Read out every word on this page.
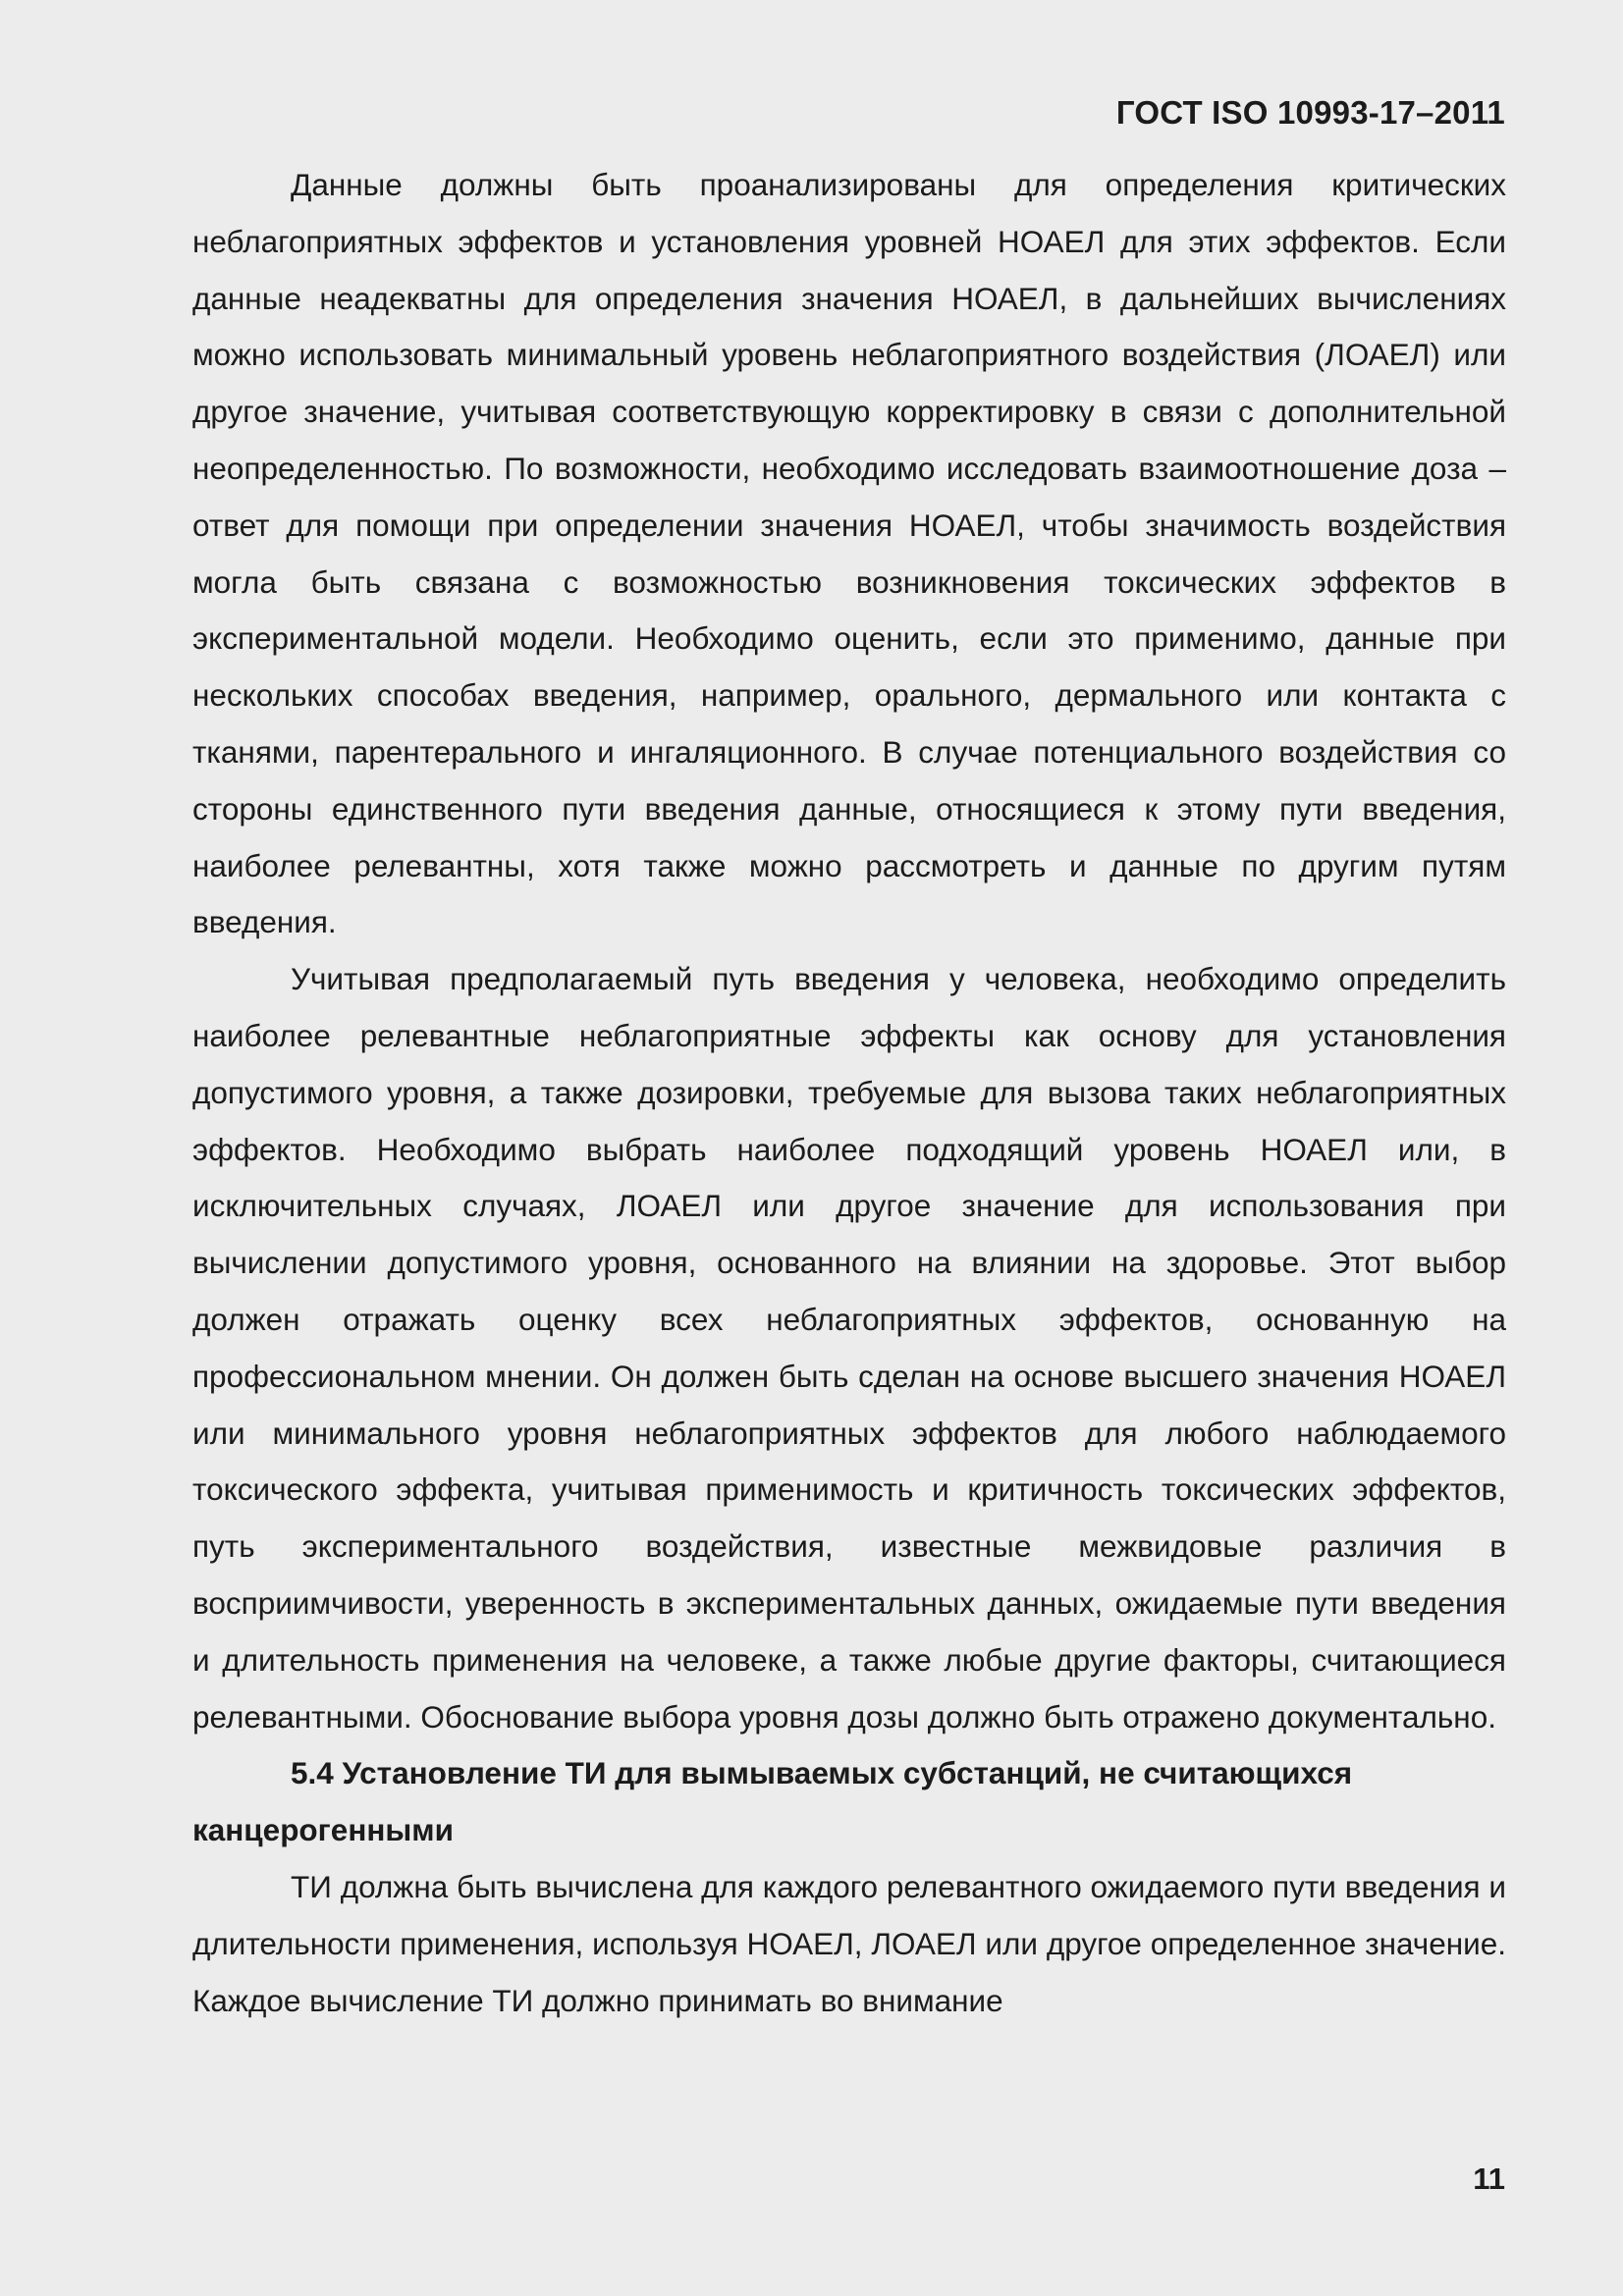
ГОСТ ISO 10993-17–2011

Данные должны быть проанализированы для определения критических неблагоприятных эффектов и установления уровней НОАЕЛ для этих эффектов. Если данные неадекватны для определения значения НОАЕЛ, в дальнейших вычислениях можно использовать минимальный уровень неблагоприятного воздействия (ЛОАЕЛ) или другое значение, учитывая соответствующую корректировку в связи с дополнительной неопределенностью. По возможности, необходимо исследовать взаимоотношение доза – ответ для помощи при определении значения НОАЕЛ, чтобы значимость воздействия могла быть связана с возможностью возникновения токсических эффектов в экспериментальной модели. Необходимо оценить, если это применимо, данные при нескольких способах введения, например, орального, дермального или контакта с тканями, парентерального и ингаляционного. В случае потенциального воздействия со стороны единственного пути введения данные, относящиеся к этому пути введения, наиболее релевантны, хотя также можно рассмотреть и данные по другим путям введения.

Учитывая предполагаемый путь введения у человека, необходимо определить наиболее релевантные неблагоприятные эффекты как основу для установления допустимого уровня, а также дозировки, требуемые для вызова таких неблагоприятных эффектов. Необходимо выбрать наиболее подходящий уровень НОАЕЛ или, в исключительных случаях, ЛОАЕЛ или другое значение для использования при вычислении допустимого уровня, основанного на влиянии на здоровье. Этот выбор должен отражать оценку всех неблагоприятных эффектов, основанную на профессиональном мнении. Он должен быть сделан на основе высшего значения НОАЕЛ или минимального уровня неблагоприятных эффектов для любого наблюдаемого токсического эффекта, учитывая применимость и критичность токсических эффектов, путь экспериментального воздействия, известные межвидовые различия в восприимчивости, уверенность в экспериментальных данных, ожидаемые пути введения и длительность применения на человеке, а также любые другие факторы, считающиеся релевантными. Обоснование выбора уровня дозы должно быть отражено документально.

5.4 Установление ТИ для вымываемых субстанций, не считающихся канцерогенными

ТИ должна быть вычислена для каждого релевантного ожидаемого пути введения и длительности применения, используя НОАЕЛ, ЛОАЕЛ или другое определенное значение. Каждое вычисление ТИ должно принимать во внимание

11
